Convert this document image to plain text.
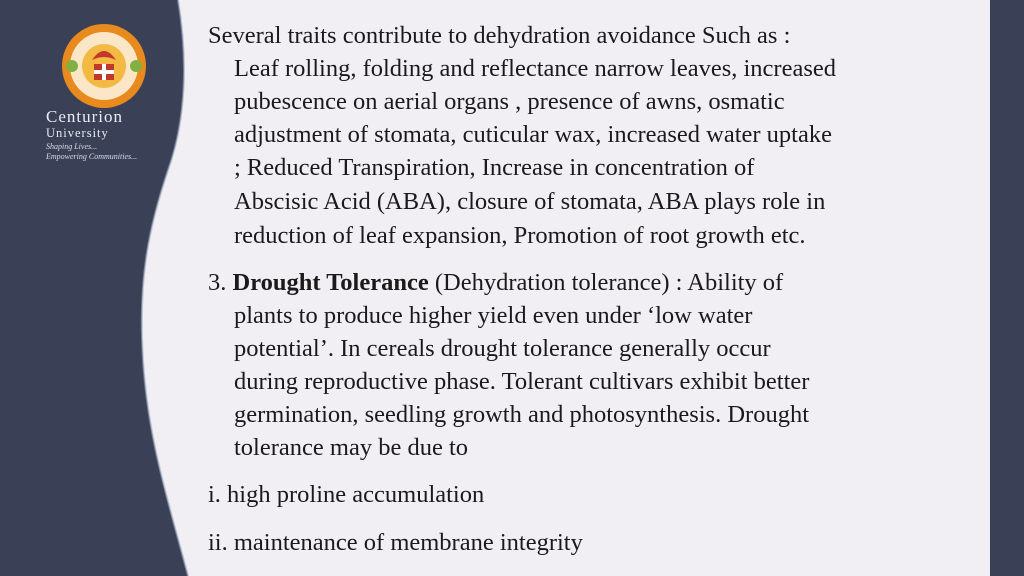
Centurion

University

Shaping Lives...

Empowering Communities...

Several traits contribute to dehydration avoidance Such as :

Leaf rolling, folding and reflectance narrow leaves, increased

pubescence on aerial organs , presence of awns, osmatic

adjustment of stomata, cuticular wax, increased water uptake

; Reduced Transpiration, Increase in concentration of

Abscisic Acid (ABA), closure of stomata, ABA plays role in

reduction of leaf expansion, Promotion of root growth etc.

3. Drought Tolerance (Dehydration tolerance) : Ability of

plants to produce higher yield even under ‘low water

potential’. In cereals drought tolerance generally occur

during reproductive phase. Tolerant cultivars exhibit better

germination, seedling growth and photosynthesis. Drought

tolerance may be due to

i. high proline accumulation

ii. maintenance of membrane integrity
